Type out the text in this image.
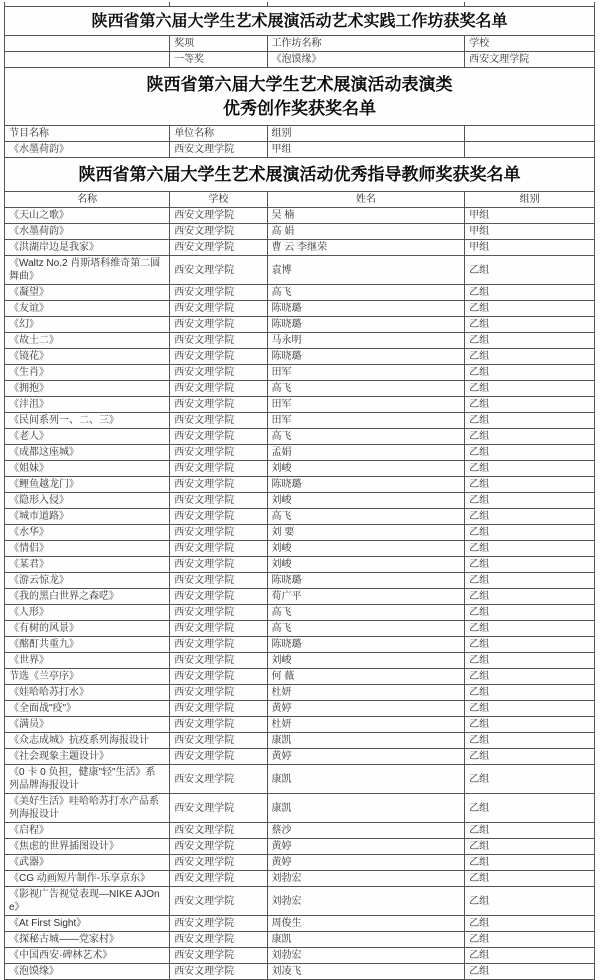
陕西省第六届大学生艺术展演活动艺术实践工作坊获奖名单			
	奖项	工作坊名称	学校
	一等奖	《泡馍缘》	西安文理学院

陕西省第六届大学生艺术展演活动表演类
优秀创作奖获奖名单			

节目名称	单位名称	组别	
《水墨荷韵》	西安文理学院	甲组	
陕西省第六届大学生艺术展演活动优秀指导教师奖获奖名单			
名称	学校	姓名	组别
《天山之歌》	西安文理学院	吴 楠	甲组
《水墨荷韵》	西安文理学院	高 娟	甲组
《洪湖岸边是我家》	西安文理学院	曹 云 李继荣	甲组
《Waltz No.2 肖斯塔科维奇第二圆舞曲》	西安文理学院	袁博	乙组
《凝望》	西安文理学院	高飞	乙组
《友谊》	西安文理学院	陈晓璐	乙组
《幻》	西安文理学院	陈晓璐	乙组
《故土二》	西安文理学院	马永明	乙组
《镜花》	西安文理学院	陈晓璐	乙组
《生肖》	西安文理学院	田军	乙组
《拥抱》	西安文理学院	高飞	乙组
《沣沮》	西安文理学院	田军	乙组
《民间系列一、二、三》	西安文理学院	田军	乙组
《老人》	西安文理学院	高飞	乙组
《成都这座城》	西安文理学院	孟娟	乙组
《姐妹》	西安文理学院	刘峻	乙组
《鲤鱼越龙门》	西安文理学院	陈晓璐	乙组
《隐形入侵》	西安文理学院	刘峻	乙组
《城市道路》	西安文理学院	高飞	乙组
《水华》	西安文理学院	刘 要	乙组
《情侣》	西安文理学院	刘峻	乙组
《某君》	西安文理学院	刘峻	乙组
《游云惊龙》	西安文理学院	陈晓璐	乙组
《我的黑白世界之森呓》	西安文理学院	荀广平	乙组
《人形》	西安文理学院	高飞	乙组
《有树的风景》	西安文理学院	高飞	乙组
《酩酊共重九》	西安文理学院	陈晓璐	乙组
《世界》	西安文理学院	刘峻	乙组
节选《兰亭序》	西安文理学院	何 薇	乙组
《娃哈哈苏打水》	西安文理学院	杜妍	乙组
《全面战"疫"》	西安文理学院	黄婷	乙组
《满员》	西安文理学院	杜妍	乙组
《众志成城》抗疫系列海报设计	西安文理学院	康凯	乙组
《社会现象主题设计》	西安文理学院	黄婷	乙组
《0 卡 0 负担，健康"轻"生活》系列品牌海报设计	西安文理学院	康凯	乙组
《美好生活》哇哈哈苏打水产品系列海报设计	西安文理学院	康凯	乙组
《启程》	西安文理学院	蔡沙	乙组
《焦虑的世界插图设计》	西安文理学院	黄婷	乙组
《武器》	西安文理学院	黄婷	乙组
《CG 动画短片制作-乐享京东》	西安文理学院	刘勃宏	乙组
《影视广告视觉表现—NIKE AJOne》	西安文理学院	刘勃宏	乙组
《At First Sight》	西安文理学院	周俊生	乙组
《探秘古城——党家村》	西安文理学院	康凯	乙组
《中国西安·碑林艺术》	西安文理学院	刘勃宏	乙组
《泡馍缘》	西安文理学院	刘凌飞	乙组
